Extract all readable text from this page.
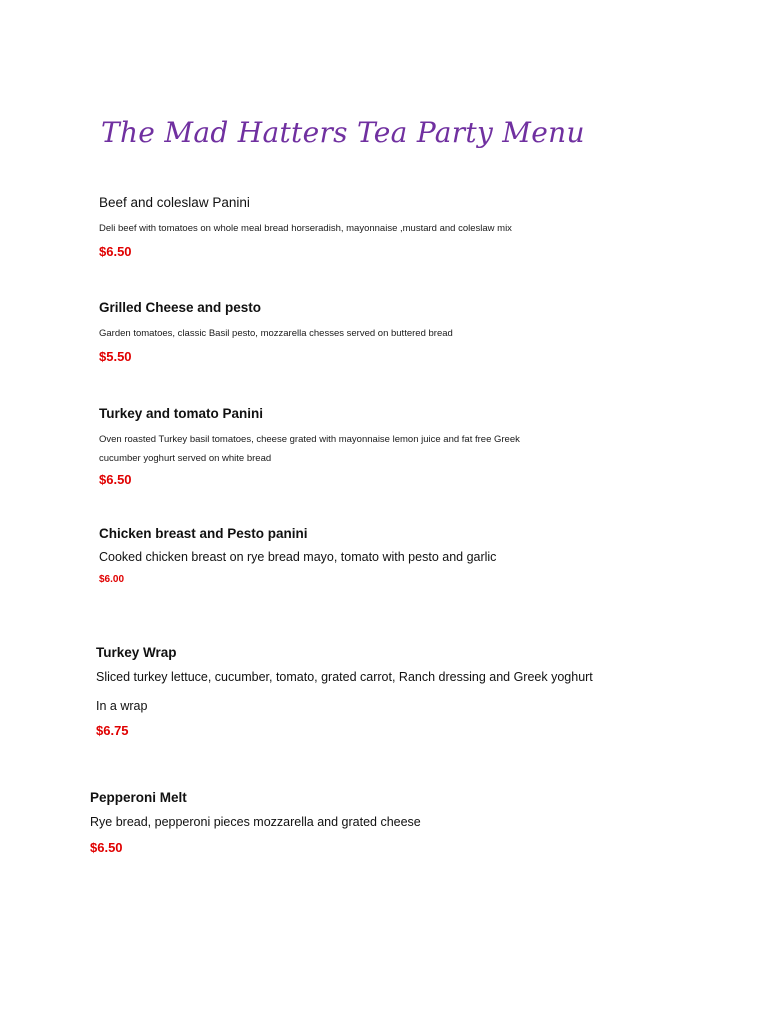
The Mad Hatters Tea Party Menu
Beef and coleslaw Panini
Deli beef with tomatoes on whole meal bread horseradish, mayonnaise ,mustard and coleslaw mix
$6.50
Grilled Cheese and pesto
Garden tomatoes, classic Basil pesto, mozzarella chesses served on buttered bread
$5.50
Turkey and tomato Panini
Oven roasted Turkey basil tomatoes, cheese grated with mayonnaise lemon juice and fat free Greek
cucumber yoghurt served on white bread
$6.50
Chicken breast and Pesto panini
Cooked chicken breast on rye bread mayo, tomato with pesto and garlic
$6.00
Turkey Wrap
Sliced turkey lettuce, cucumber, tomato, grated carrot, Ranch dressing and Greek yoghurt
In a wrap
$6.75
Pepperoni Melt
Rye bread, pepperoni pieces mozzarella and grated cheese
$6.50
